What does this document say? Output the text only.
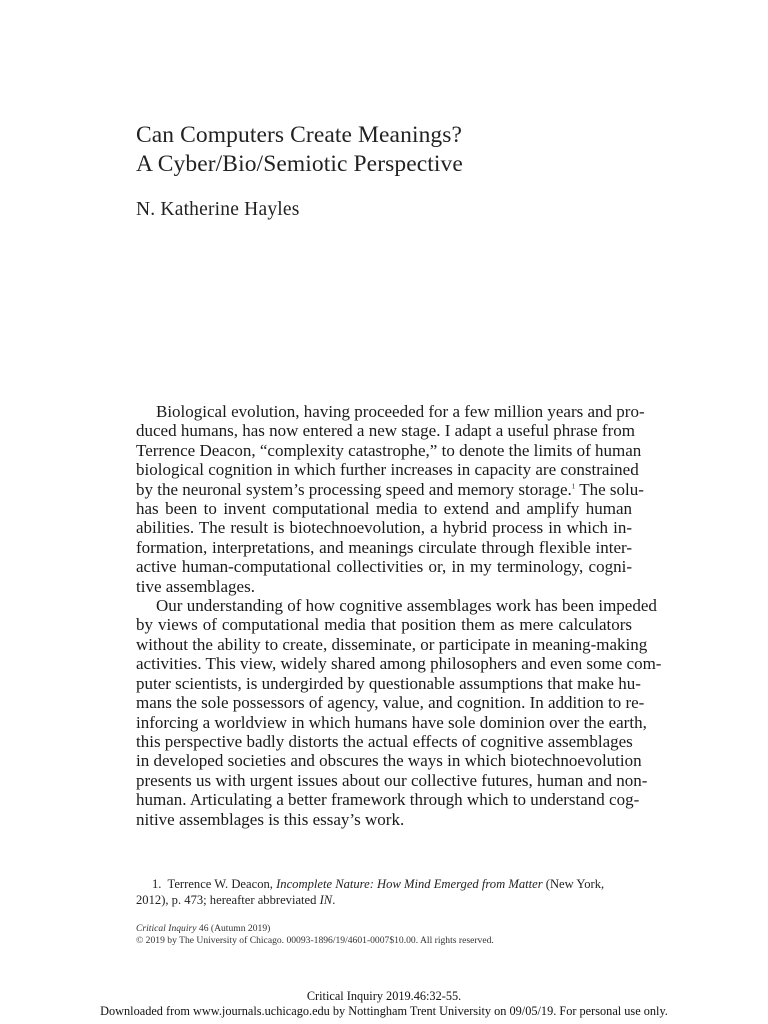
Can Computers Create Meanings?
A Cyber/Bio/Semiotic Perspective
N. Katherine Hayles

Biological evolution, having proceeded for a few million years and pro-
duced humans, has now entered a new stage. I adapt a useful phrase from
Terrence Deacon, “complexity catastrophe,” to denote the limits of human
biological cognition in which further increases in capacity are constrained
by the neuronal system’s processing speed and memory storage.$^1$ The solu-
has been to invent computational media to extend and amplify human
abilities. The result is biotechnoevolution, a hybrid process in which in-
formation, interpretations, and meanings circulate through flexible inter-
active human-computational collectivities or, in my terminology, cogni-
tive assemblages.

Our understanding of how cognitive assemblages work has been impeded
by views of computational media that position them as mere calculators
without the ability to create, disseminate, or participate in meaning-making
activities. This view, widely shared among philosophers and even some com-
puter scientists, is undergirded by questionable assumptions that make hu-
mans the sole possessors of agency, value, and cognition. In addition to re-
inforcing a worldview in which humans have sole dominion over the earth,
this perspective badly distorts the actual effects of cognitive assemblages
in developed societies and obscures the ways in which biotechnoevolution
presents us with urgent issues about our collective futures, human and non-
human. Articulating a better framework through which to understand cog-
nitive assemblages is this essay’s work.

1. Terrence W. Deacon, Incomplete Nature: How Mind Emerged from Matter (New York,
2012), p. 473; hereafter abbreviated IN.
Critical Inquiry 46 (Autumn 2019)
© 2019 by The University of Chicago. 00093-1896/19/4601-0007$10.00. All rights reserved.
Critical Inquiry 2019.46:32-55.
Downloaded from www.journals.uchicago.edu by Nottingham Trent University on 09/05/19. For personal use only.
